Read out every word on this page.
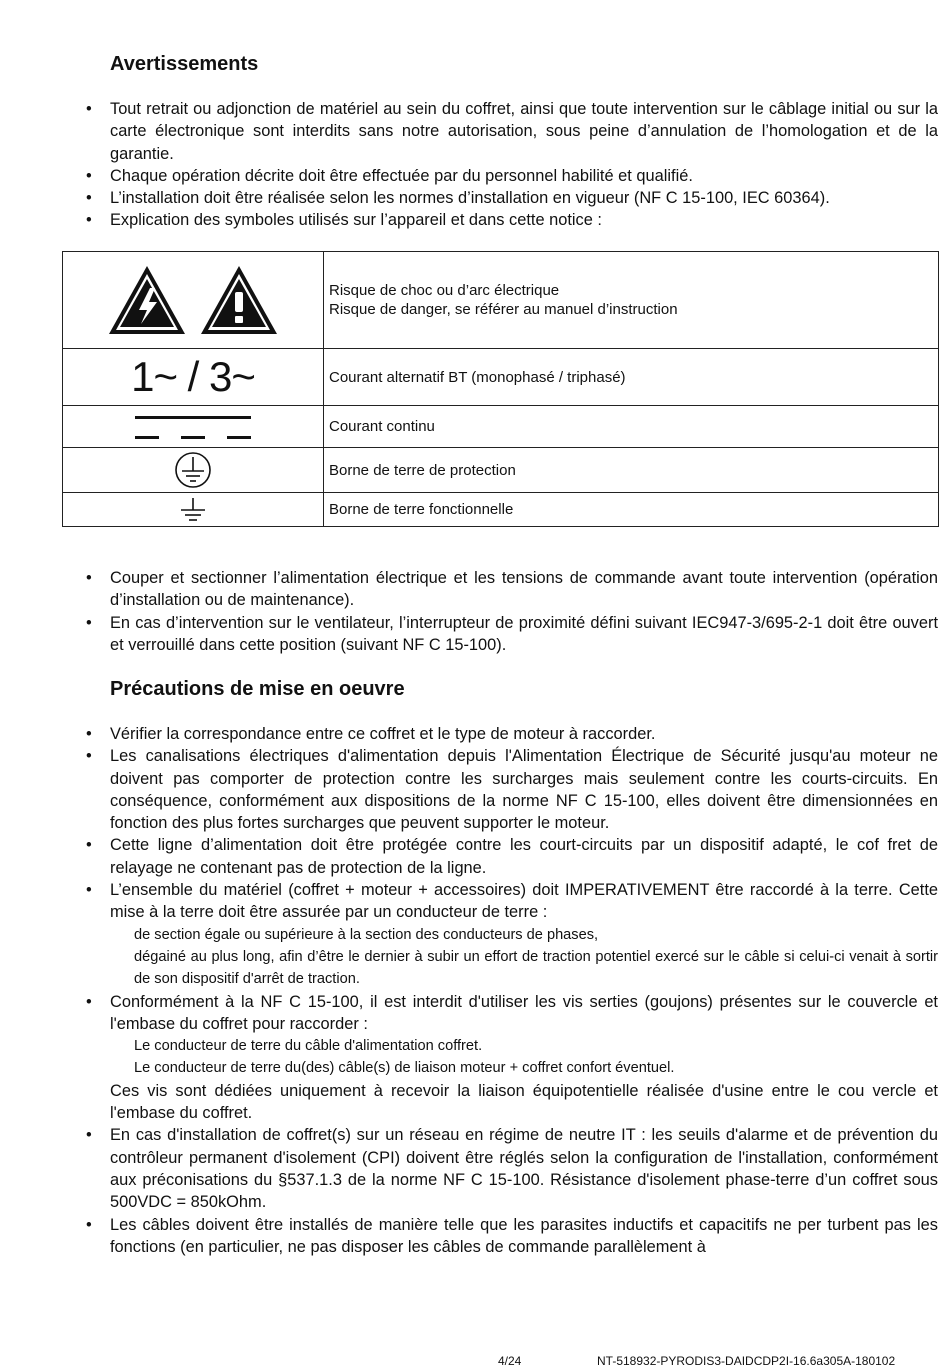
Avertissements
• Tout retrait ou adjonction de matériel au sein du coffret, ainsi que toute intervention sur le câblage initial ou sur la carte électronique sont interdits sans notre autorisation, sous peine d’annulation de l’homologation et de la garantie.
• Chaque opération décrite doit être effectuée par du personnel habilité et qualifié.
• L’installation doit être réalisée selon les normes d’installation en vigueur (NF C 15-100, IEC 60364).
• Explication des symboles utilisés sur l’appareil et dans cette notice :

Risque de choc ou d’arc électrique
Risque de danger, se référer au manuel d’instruction

1~ / 3~	Courant alternatif BT (monophasé / triphasé)

Courant continu

Borne de terre de protection

Borne de terre fonctionnelle
• Couper et sectionner l’alimentation électrique et les tensions de commande avant toute intervention (opération d’installation ou de maintenance).
• En cas d’intervention sur le ventilateur, l’interrupteur de proximité défini suivant IEC947-3/695-2-1 doit être ouvert et verrouillé dans cette position (suivant NF C 15-100).
Précautions de mise en oeuvre
• Vérifier la correspondance entre ce coffret et le type de moteur à raccorder.
• Les canalisations électriques d'alimentation depuis l'Alimentation Électrique de Sécurité jusqu'au moteur ne doivent pas comporter de protection contre les surcharges mais seulement contre les courts-circuits. En conséquence, conformément aux dispositions de la norme NF C 15-100, elles doivent être dimensionnées en fonction des plus fortes surcharges que peuvent supporter le moteur.
• Cette ligne d’alimentation doit être protégée contre les court-circuits par un dispositif adapté, le cof fret de relayage ne contenant pas de protection de la ligne.
• L’ensemble du matériel (coffret + moteur + accessoires) doit IMPERATIVEMENT être raccordé à la terre. Cette mise à la terre doit être assurée par un conducteur de terre :
de section égale ou supérieure à la section des conducteurs de phases,
dégainé au plus long, afin d’être le dernier à subir un effort de traction potentiel exercé sur le câble si celui-ci venait à sortir de son dispositif d'arrêt de traction.
• Conformément à la NF C 15-100, il est interdit d'utiliser les vis serties (goujons) présentes sur le couvercle et l'embase du coffret pour raccorder :
Le conducteur de terre du câble d'alimentation coffret.
Le conducteur de terre du(des) câble(s) de liaison moteur + coffret confort éventuel.
Ces vis sont dédiées uniquement à recevoir la liaison équipotentielle réalisée d'usine entre le cou vercle et l'embase du coffret.
• En cas d'installation de coffret(s) sur un réseau en régime de neutre IT : les seuils d'alarme et de prévention du contrôleur permanent d'isolement (CPI) doivent être réglés selon la configuration de l'installation, conformément aux préconisations du §537.1.3 de la norme NF C 15-100. Résistance d'isolement phase-terre d’un coffret sous 500VDC = 850kOhm.
• Les câbles doivent être installés de manière telle que les parasites inductifs et capacitifs ne per turbent pas les fonctions (en particulier, ne pas disposer les câbles de commande parallèlement à
4/24	NT-518932-PYRODIS3-DAIDCDP2I-16.6a305A-180102
